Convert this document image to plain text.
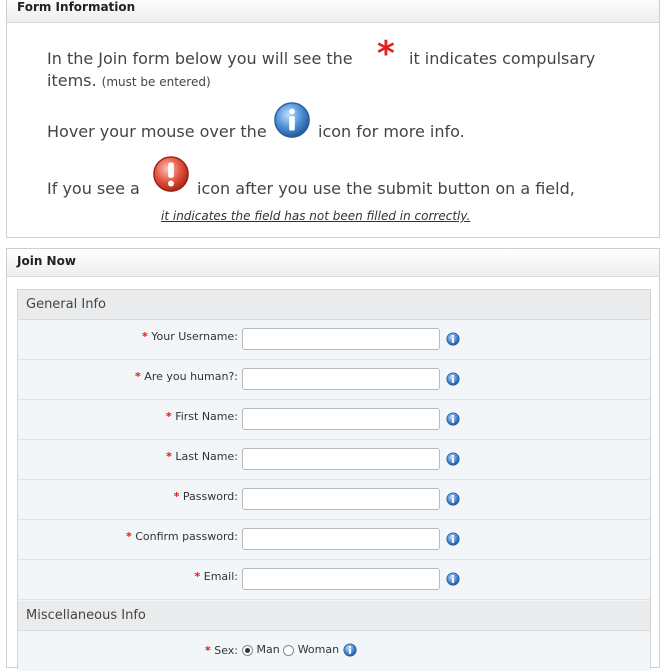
Form Information
In the Join form below you will see the * it indicates compulsary
items. (must be entered)
Hover your mouse over the	icon for more info.
If you see a	icon after you use the submit button on a field,
it indicates the field has not been filled in correctly.
Join Now
General Info
* Your Username:
* Are you human?:
* First Name:
* Last Name:
* Password:
* Confirm password:
* Email:
Miscellaneous Info
* Sex:	Man Woman
